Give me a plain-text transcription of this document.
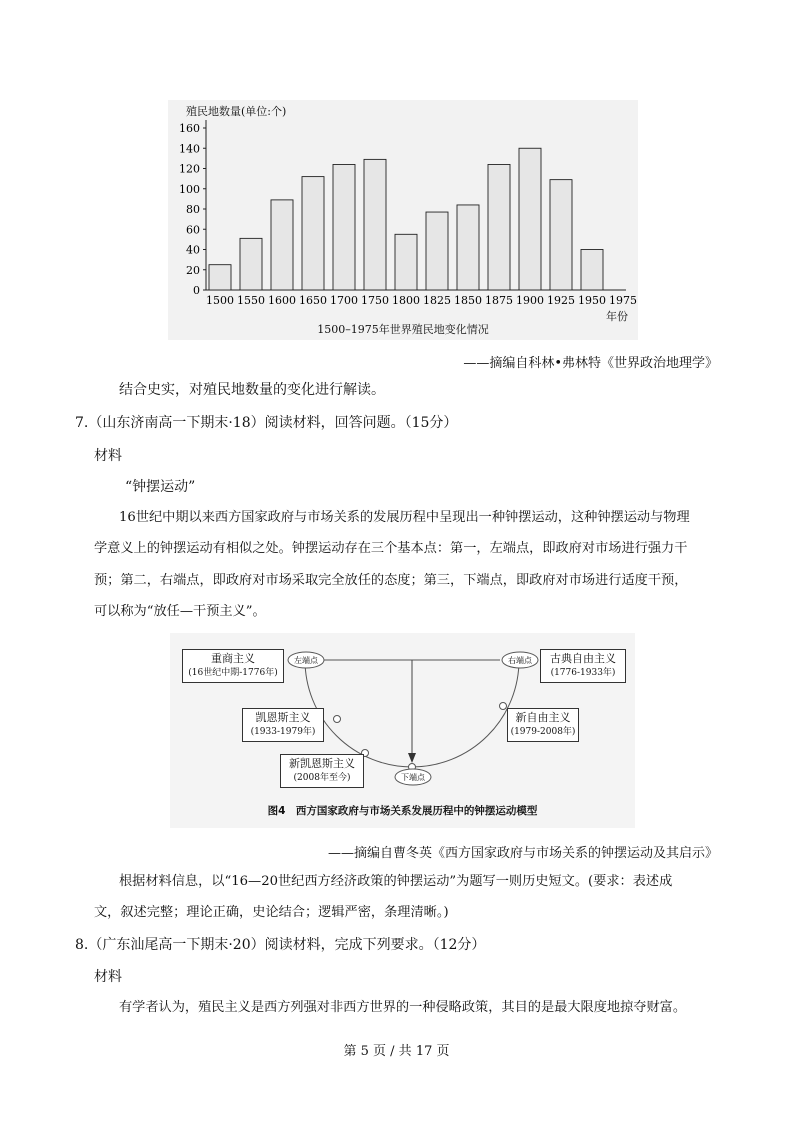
殖民地数量(单位:个)
年份
1500–1975年世界殖民地变化情况
0
20
40
60
80
100
120
140
160
1500 1550 1600 1650 1700 1750 1800 1825 1850 1875 1900 1925 1950 1975
——摘编自科林•弗林特《世界政治地理学》
结合史实，对殖民地数量的变化进行解读。
7.（山东济南高一下期末·18）阅读材料，回答问题。（15分）
材料
“钟摆运动”
16世纪中期以来西方国家政府与市场关系的发展历程中呈现出一种钟摆运动，这种钟摆运动与物理
学意义上的钟摆运动有相似之处。钟摆运动存在三个基本点：第一，左端点，即政府对市场进行强力干
预；第二，右端点，即政府对市场采取完全放任的态度；第三，下端点，即政府对市场进行适度干预，
可以称为“放任—干预主义”。
左端点	右端点
下端点
重商主义
(16世纪中期-1776年)
古典自由主义
(1776-1933年)
凯恩斯主义
(1933-1979年)
新自由主义
(1979-2008年)
新凯恩斯主义
(2008年至今)
图4　西方国家政府与市场关系发展历程中的钟摆运动模型
——摘编自曹冬英《西方国家政府与市场关系的钟摆运动及其启示》
根据材料信息，以“16—20世纪西方经济政策的钟摆运动”为题写一则历史短文。(要求：表述成
文，叙述完整；理论正确，史论结合；逻辑严密，条理清晰。)
8.（广东汕尾高一下期末·20）阅读材料，完成下列要求。（12分）
材料
有学者认为，殖民主义是西方列强对非西方世界的一种侵略政策，其目的是最大限度地掠夺财富。
第 5 页 / 共 17 页
